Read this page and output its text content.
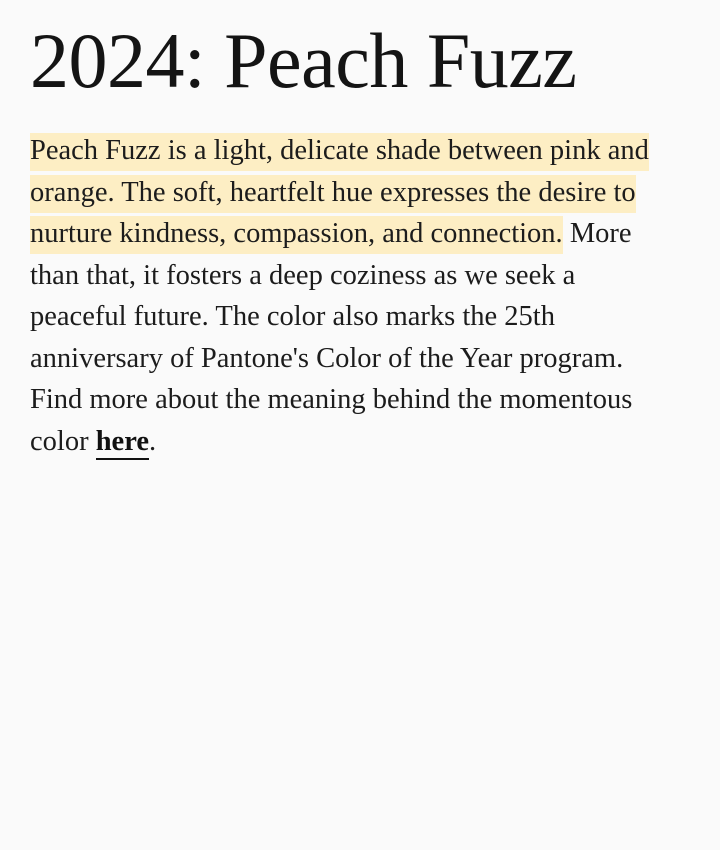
2024: Peach Fuzz

Peach Fuzz is a light, delicate shade between pink and orange. The soft, heartfelt hue expresses the desire to nurture kindness, compassion, and connection. More than that, it fosters a deep coziness as we seek a peaceful future. The color also marks the 25th anniversary of Pantone's Color of the Year program. Find more about the meaning behind the momentous color here.
